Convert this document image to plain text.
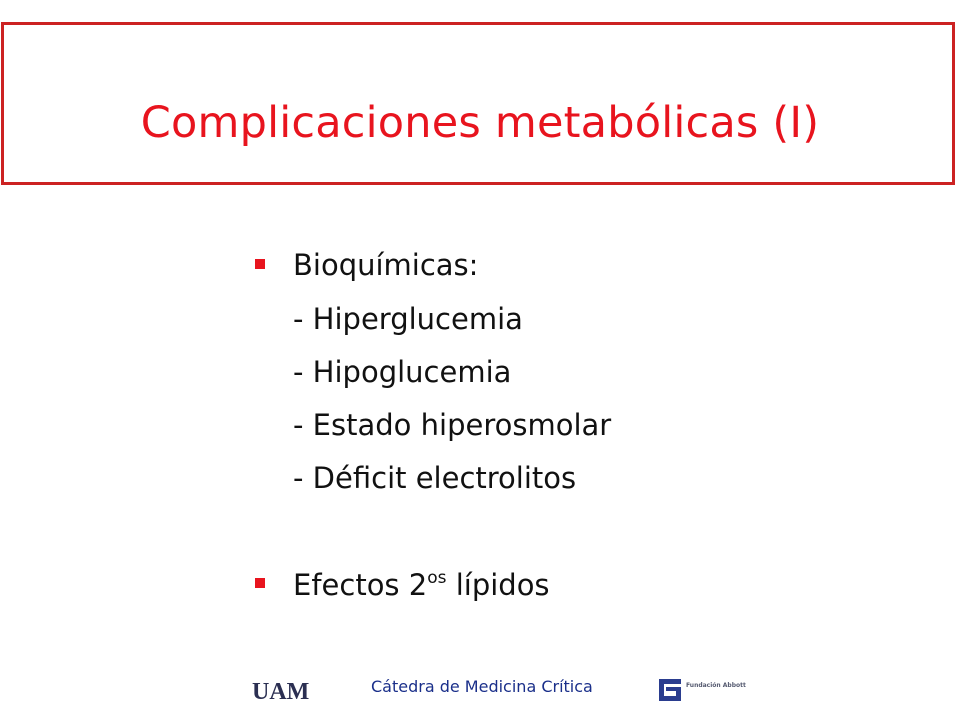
Complicaciones metabólicas (I)
Bioquímicas:
- Hiperglucemia
- Hipoglucemia
- Estado hiperosmolar
- Déficit electrolitos
Efectos $2^{os}$ lípidos
UAM	Cátedra de Medicina Crítica	Fundación Abbott
